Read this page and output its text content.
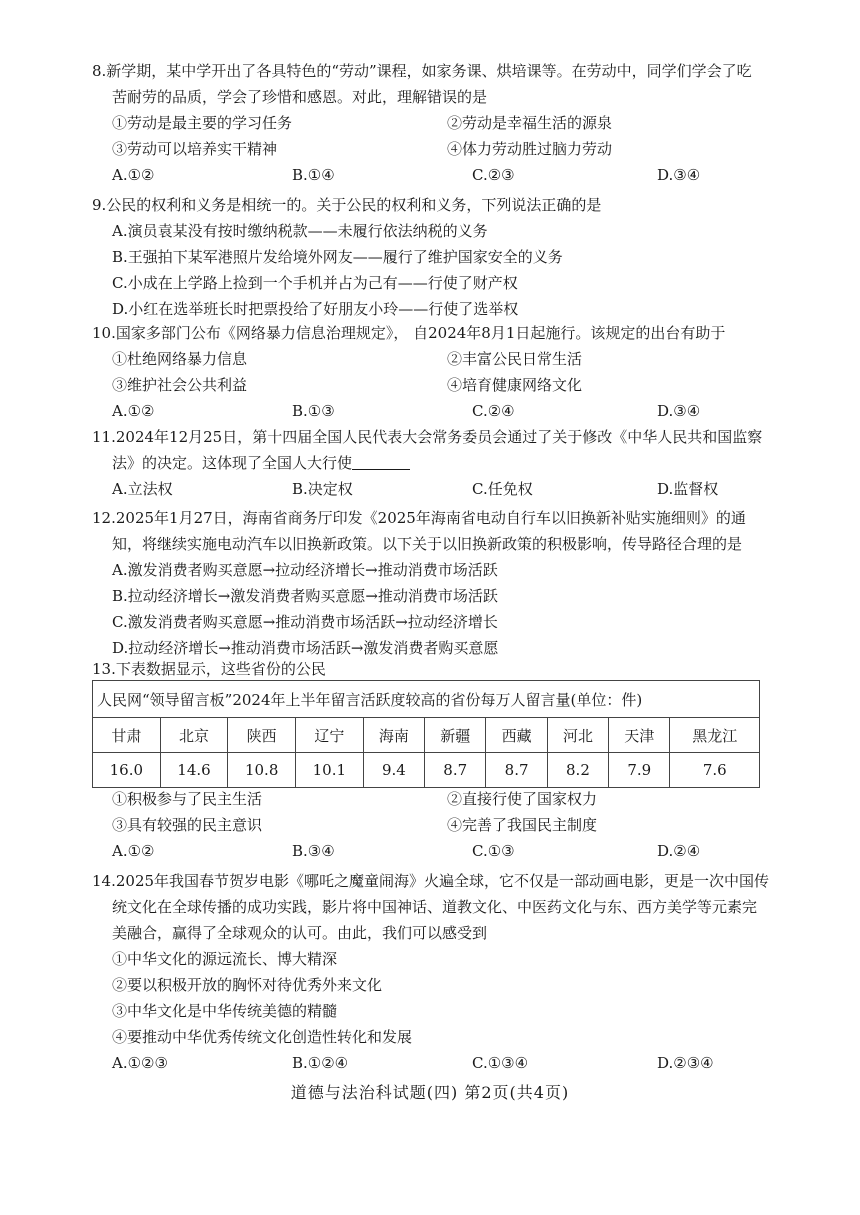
8.新学期，某中学开出了各具特色的“劳动”课程，如家务课、烘培课等。在劳动中，同学们学会了吃
苦耐劳的品质，学会了珍惜和感恩。对此，理解错误的是
①劳动是最主要的学习任务	②劳动是幸福生活的源泉
③劳动可以培养实干精神	④体力劳动胜过脑力劳动
A.①②	B.①④	C.②③	D.③④
9.公民的权利和义务是相统一的。关于公民的权利和义务，下列说法正确的是
A.演员袁某没有按时缴纳税款——未履行依法纳税的义务
B.王强拍下某军港照片发给境外网友——履行了维护国家安全的义务
C.小成在上学路上捡到一个手机并占为己有——行使了财产权
D.小红在选举班长时把票投给了好朋友小玲——行使了选举权
10.国家多部门公布《网络暴力信息治理规定》， 自2024年8月1日起施行。该规定的出台有助于
①杜绝网络暴力信息	②丰富公民日常生活
③维护社会公共利益	④培育健康网络文化
A.①②	B.①③	C.②④	D.③④
11.2024年12月25日，第十四届全国人民代表大会常务委员会通过了关于修改《中华人民共和国监察
法》的决定。这体现了全国人大行使
A.立法权	B.决定权	C.任免权	D.监督权
12.2025年1月27日，海南省商务厅印发《2025年海南省电动自行车以旧换新补贴实施细则》的通
知，将继续实施电动汽车以旧换新政策。以下关于以旧换新政策的积极影响，传导路径合理的是
A.激发消费者购买意愿→拉动经济增长→推动消费市场活跃
B.拉动经济增长→激发消费者购买意愿→推动消费市场活跃
C.激发消费者购买意愿→推动消费市场活跃→拉动经济增长
D.拉动经济增长→推动消费市场活跃→激发消费者购买意愿
13.下表数据显示，这些省份的公民
人民网“领导留言板”2024年上半年留言活跃度较高的省份每万人留言量(单位：件)									
甘肃	北京	陕西	辽宁	海南	新疆	西藏	河北	天津	黑龙江
16.0	14.6	10.8	10.1	9.4	8.7	8.7	8.2	7.9	7.6
①积极参与了民主生活	②直接行使了国家权力
③具有较强的民主意识	④完善了我国民主制度
A.①②	B.③④	C.①③	D.②④
14.2025年我国春节贺岁电影《哪吒之魔童闹海》火遍全球，它不仅是一部动画电影，更是一次中国传
统文化在全球传播的成功实践，影片将中国神话、道教文化、中医药文化与东、西方美学等元素完
美融合，赢得了全球观众的认可。由此，我们可以感受到
①中华文化的源远流长、博大精深
②要以积极开放的胸怀对待优秀外来文化
③中华文化是中华传统美德的精髓
④要推动中华优秀传统文化创造性转化和发展
A.①②③	B.①②④	C.①③④	D.②③④
道德与法治科试题(四) 第2页(共4页)
